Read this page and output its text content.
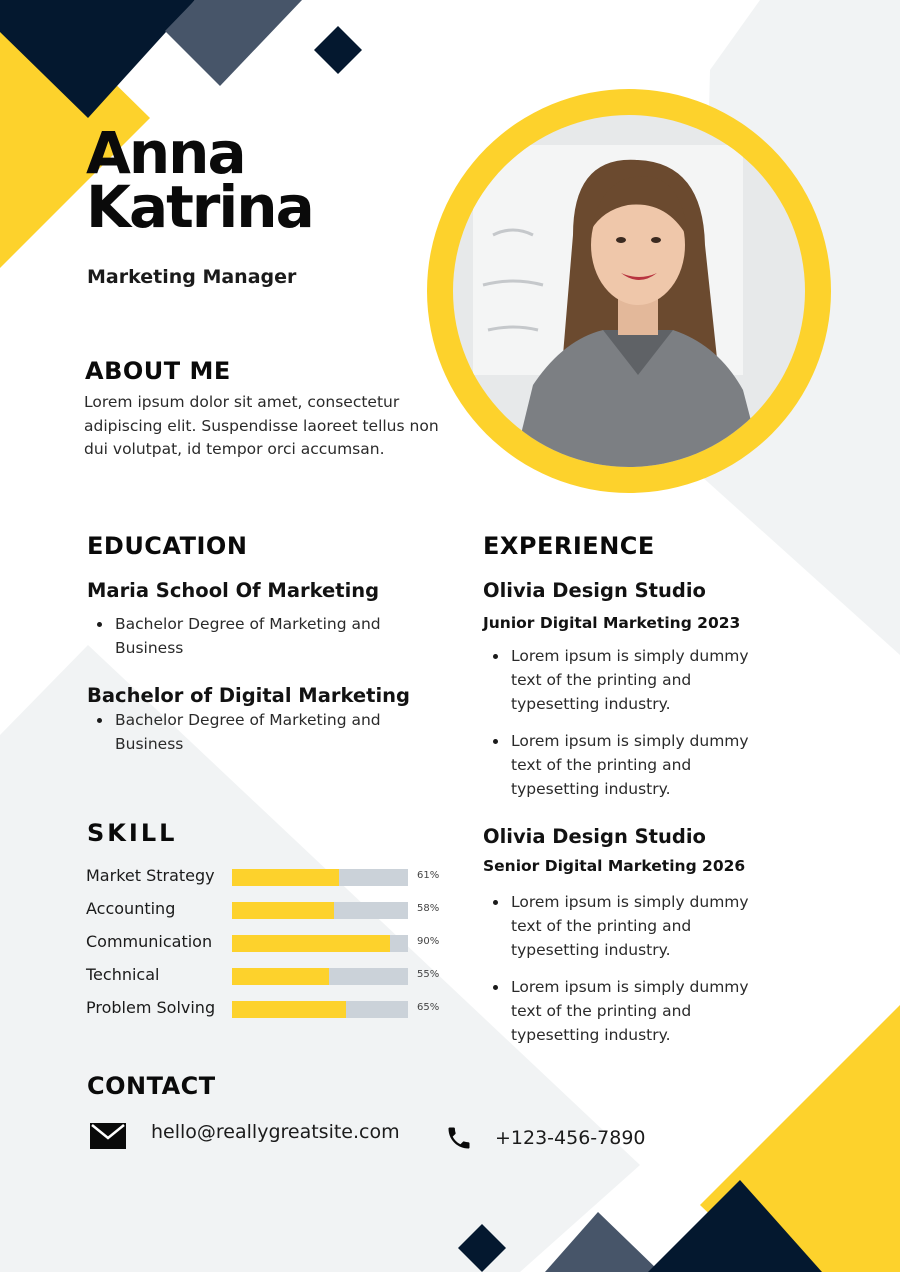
Anna
Katrina
Marketing Manager
ABOUT ME

Lorem ipsum dolor sit amet, consectetur adipiscing elit. Suspendisse laoreet tellus non dui volutpat, id tempor orci accumsan.

EDUCATION
Maria School Of Marketing
Bachelor Degree of Marketing and Business
Bachelor of Digital Marketing
Bachelor Degree of Marketing and Business
EXPERIENCE
Olivia Design Studio
Junior Digital Marketing 2023
Lorem ipsum is simply dummy text of the printing and typesetting industry.
Lorem ipsum is simply dummy text of the printing and typesetting industry.
Olivia Design Studio
Senior Digital Marketing 2026
Lorem ipsum is simply dummy text of the printing and typesetting industry.
Lorem ipsum is simply dummy text of the printing and typesetting industry.
SKILL
Market Strategy	61%
Accounting	58%
Communication	90%
Technical	55%
Problem Solving	65%
CONTACT
hello@reallygreatsite.com	+123-456-7890
